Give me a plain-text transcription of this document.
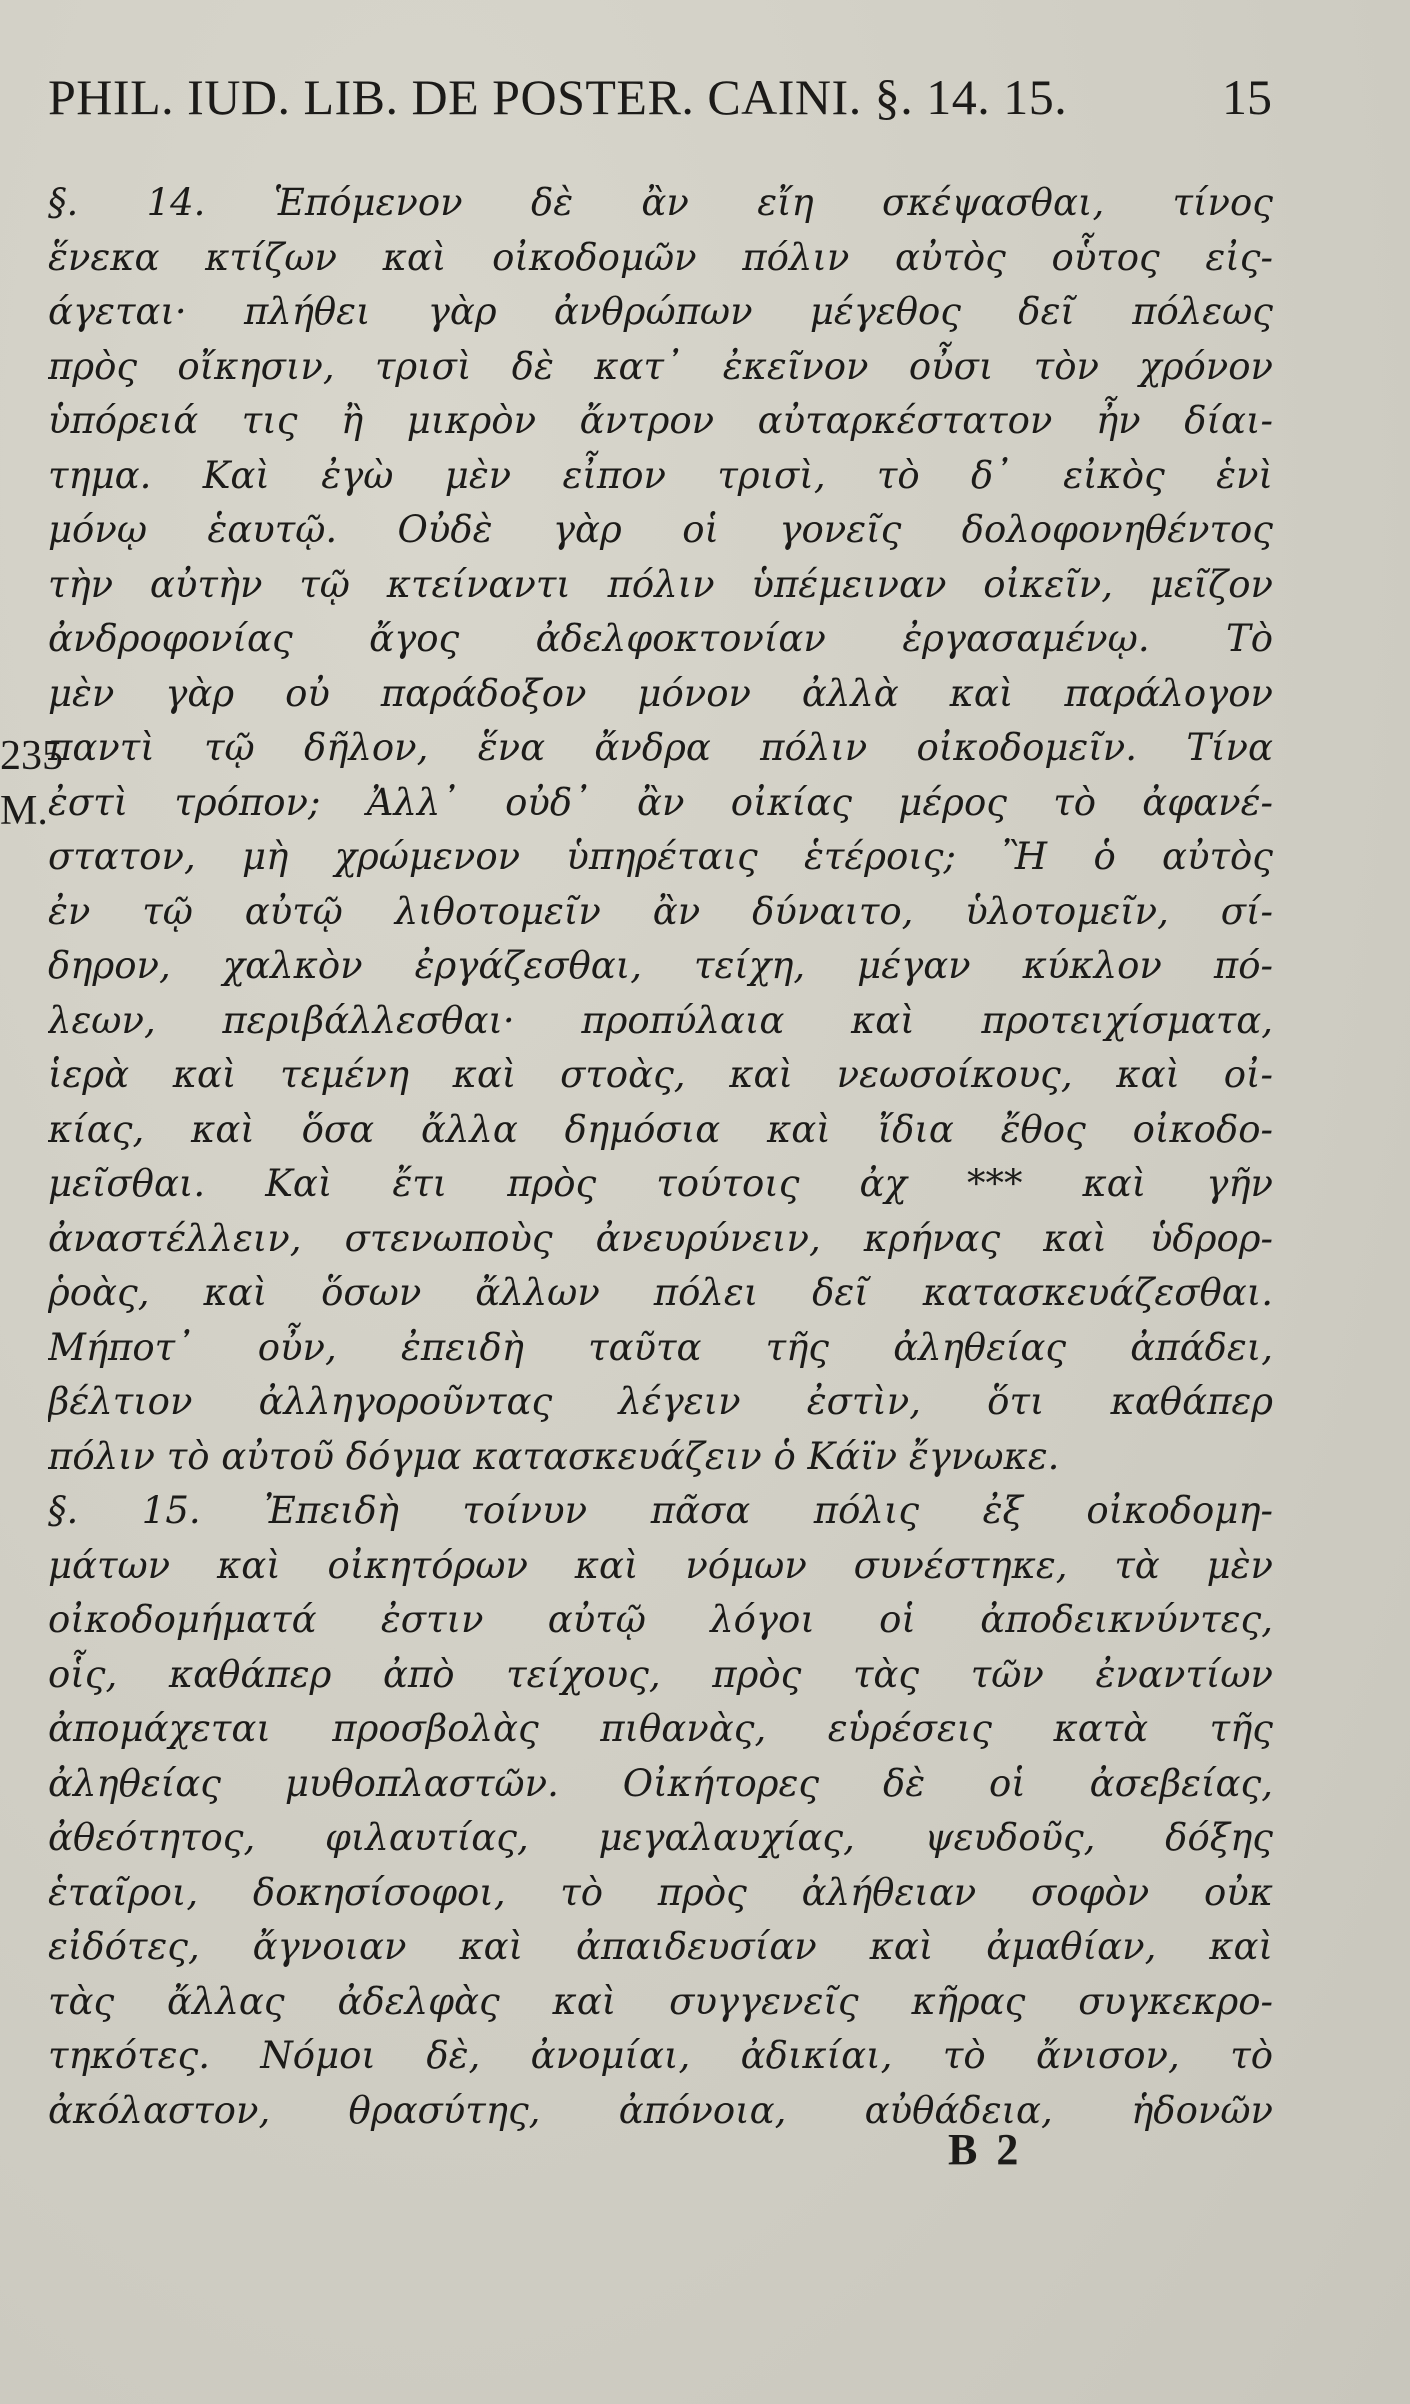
PHIL. IUD. LIB. DE POSTER. CAINI. §. 14. 15.	15
235
M.
§. 14. Ἑπόμενον δὲ ἂν εἴη σκέψασθαι, τίνος
ἕνεκα κτίζων καὶ οἰκοδομῶν πόλιν αὐτὸς οὗτος εἰς-
άγεται· πλήθει γὰρ ἀνθρώπων μέγεθος δεῖ πόλεως
πρὸς οἴκησιν, τρισὶ δὲ κατ᾽ ἐκεῖνον οὖσι τὸν χρόνον
ὑπόρειά τις ἢ μικρὸν ἄντρον αὐταρκέστατον ἦν δίαι-
τημα. Καὶ ἐγὼ μὲν εἶπον τρισὶ, τὸ δ᾽ εἰκὸς ἑνὶ
μόνῳ ἑαυτῷ. Οὐδὲ γὰρ οἱ γονεῖς δολοφονηθέντος
τὴν αὐτὴν τῷ κτείναντι πόλιν ὑπέμειναν οἰκεῖν, μεῖζον
ἀνδροφονίας ἄγος ἀδελφοκτονίαν ἐργασαμένῳ. Τὸ
μὲν γὰρ οὐ παράδοξον μόνον ἀλλὰ καὶ παράλογον
παντὶ τῷ δῆλον, ἕνα ἄνδρα πόλιν οἰκοδομεῖν. Τίνα
ἐστὶ τρόπον; Ἀλλ᾽ οὐδ᾽ ἂν οἰκίας μέρος τὸ ἀφανέ-
στατον, μὴ χρώμενον ὑπηρέταις ἑτέροις; Ἢ ὁ αὐτὸς
ἐν τῷ αὐτῷ λιθοτομεῖν ἂν δύναιτο, ὑλοτομεῖν, σί-
δηρον, χαλκὸν ἐργάζεσθαι, τείχη, μέγαν κύκλον πό-
λεων, περιβάλλεσθαι· προπύλαια καὶ προτειχίσματα,
ἱερὰ καὶ τεμένη καὶ στοὰς, καὶ νεωσοίκους, καὶ οἰ-
κίας, καὶ ὅσα ἄλλα δημόσια καὶ ἴδια ἔθος οἰκοδο-
μεῖσθαι. Καὶ ἔτι πρὸς τούτοις ἀχ *** καὶ γῆν
ἀναστέλλειν, στενωποὺς ἀνευρύνειν, κρήνας καὶ ὑδρορ-
ῥοὰς, καὶ ὅσων ἄλλων πόλει δεῖ κατασκευάζεσθαι.
Μήποτ᾽ οὖν, ἐπειδὴ ταῦτα τῆς ἀληθείας ἀπάδει,
βέλτιον ἀλληγοροῦντας λέγειν ἐστὶν, ὅτι καθάπερ
πόλιν τὸ αὐτοῦ δόγμα κατασκευάζειν ὁ Κάϊν ἔγνωκε.
§. 15. Ἐπειδὴ τοίνυν πᾶσα πόλις ἐξ οἰκοδομη-
μάτων καὶ οἰκητόρων καὶ νόμων συνέστηκε, τὰ μὲν
οἰκοδομήματά ἐστιν αὐτῷ λόγοι οἱ ἀποδεικνύντες,
οἷς, καθάπερ ἀπὸ τείχους, πρὸς τὰς τῶν ἐναντίων
ἀπομάχεται προσβολὰς πιθανὰς, εὑρέσεις κατὰ τῆς
ἀληθείας μυθοπλαστῶν. Οἰκήτορες δὲ οἱ ἀσεβείας,
ἀθεότητος, φιλαυτίας, μεγαλαυχίας, ψευδοῦς, δόξης
ἑταῖροι, δοκησίσοφοι, τὸ πρὸς ἀλήθειαν σοφὸν οὐκ
εἰδότες, ἄγνοιαν καὶ ἀπαιδευσίαν καὶ ἀμαθίαν, καὶ
τὰς ἄλλας ἀδελφὰς καὶ συγγενεῖς κῆρας συγκεκρο-
τηκότες. Νόμοι δὲ, ἀνομίαι, ἀδικίαι, τὸ ἄνισον, τὸ
ἀκόλαστον, θρασύτης, ἀπόνοια, αὐθάδεια, ἡδονῶν
B 2
